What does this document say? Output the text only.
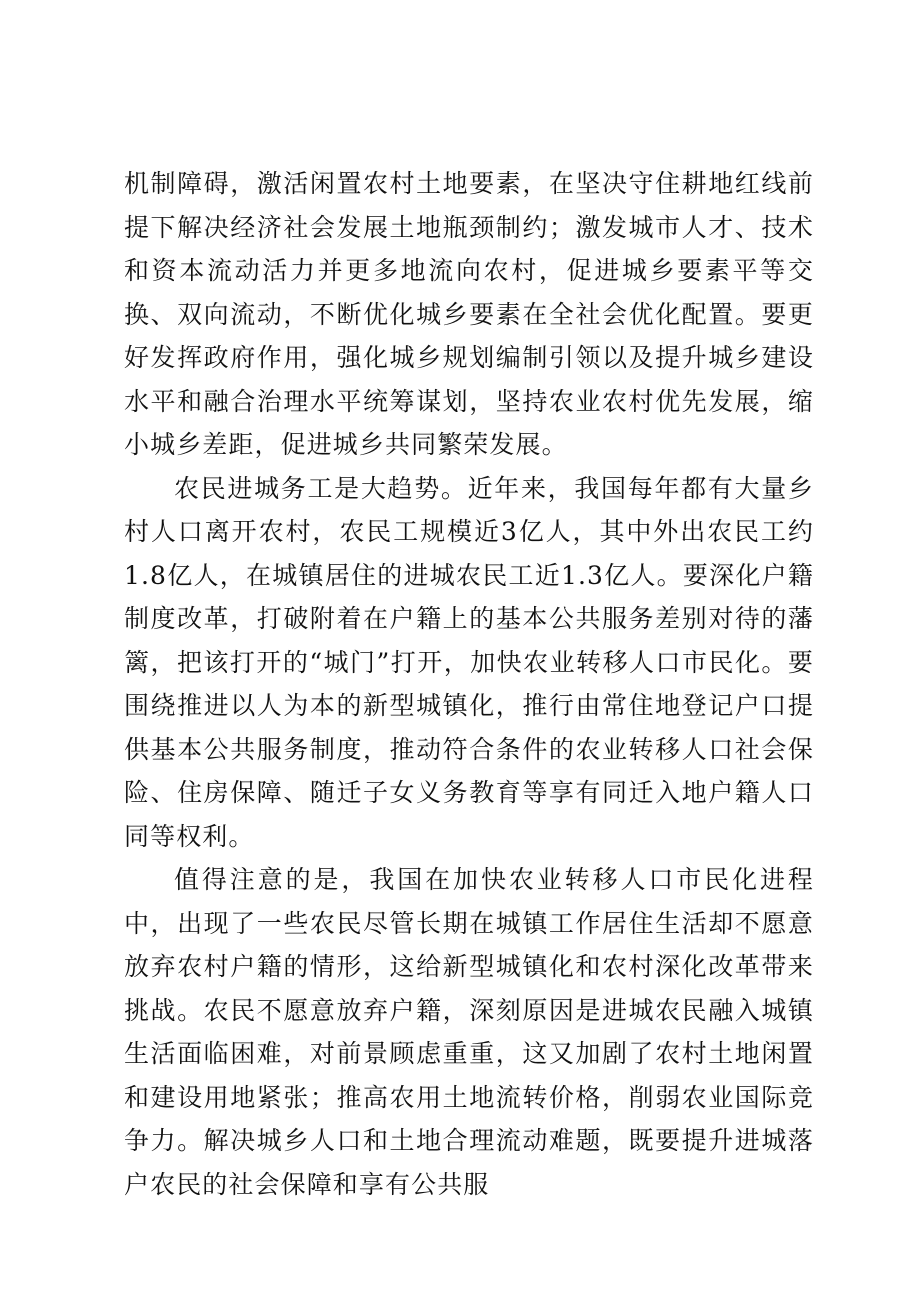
机制障碍，激活闲置农村土地要素，在坚决守住耕地红线前提下解决经济社会发展土地瓶颈制约；激发城市人才、技术和资本流动活力并更多地流向农村，促进城乡要素平等交换、双向流动，不断优化城乡要素在全社会优化配置。要更好发挥政府作用，强化城乡规划编制引领以及提升城乡建设水平和融合治理水平统筹谋划，坚持农业农村优先发展，缩小城乡差距，促进城乡共同繁荣发展。

农民进城务工是大趋势。近年来，我国每年都有大量乡村人口离开农村，农民工规模近3亿人，其中外出农民工约1.8亿人，在城镇居住的进城农民工近1.3亿人。要深化户籍制度改革，打破附着在户籍上的基本公共服务差别对待的藩篱，把该打开的“城门”打开，加快农业转移人口市民化。要围绕推进以人为本的新型城镇化，推行由常住地登记户口提供基本公共服务制度，推动符合条件的农业转移人口社会保险、住房保障、随迁子女义务教育等享有同迁入地户籍人口同等权利。

值得注意的是，我国在加快农业转移人口市民化进程中，出现了一些农民尽管长期在城镇工作居住生活却不愿意放弃农村户籍的情形，这给新型城镇化和农村深化改革带来挑战。农民不愿意放弃户籍，深刻原因是进城农民融入城镇生活面临困难，对前景顾虑重重，这又加剧了农村土地闲置和建设用地紧张；推高农用土地流转价格，削弱农业国际竞争力。解决城乡人口和土地合理流动难题，既要提升进城落户农民的社会保障和享有公共服
